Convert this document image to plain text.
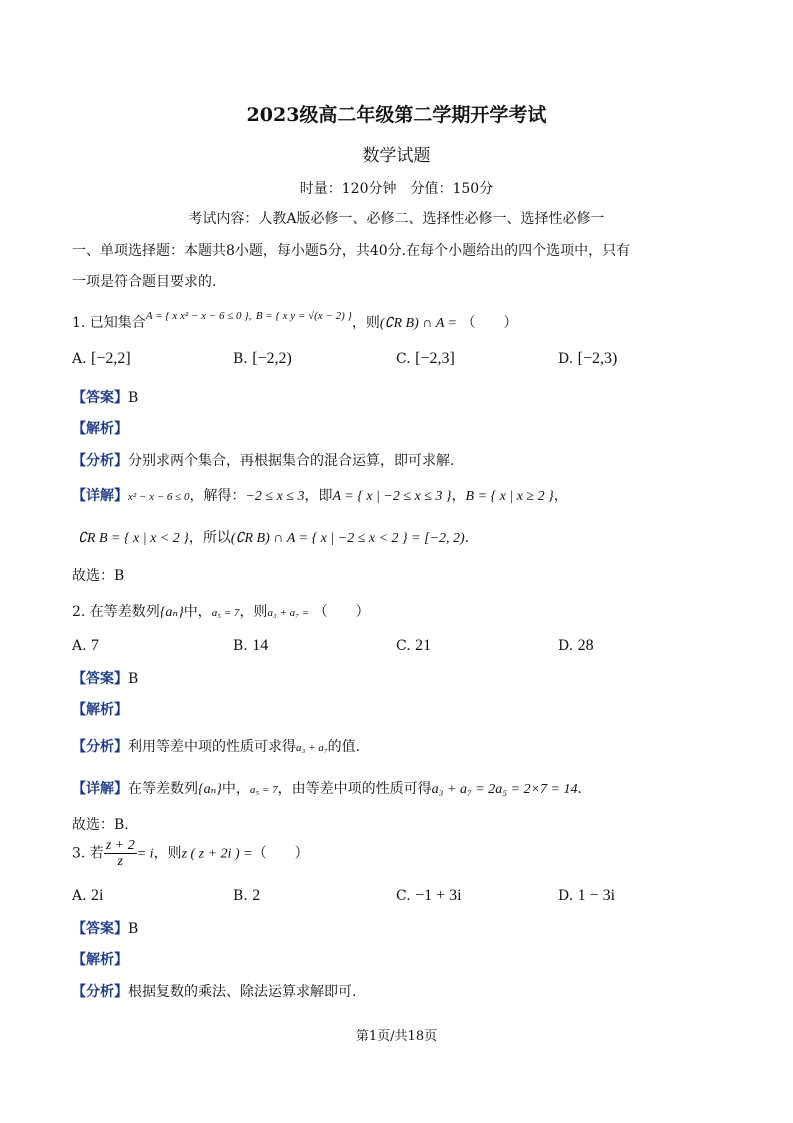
2023级高二年级第二学期开学考试
数学试题
时量：120分钟　分值：150分
考试内容：人教A版必修一、必修二、选择性必修一、选择性必修一
一、单项选择题：本题共8小题，每小题5分，共40分.在每个小题给出的四个选项中，只有
一项是符合题目要求的.
1. 已知集合$^{A = \{ x x^2 - x - 6 \le 0 \},}$ $^{B = \{ x y = √(x - 2) \}}$，则(∁R B) ∩ A = （　　）
A. [−2,2]	B. [−2,2)	C. [−2,3]	D. [−2,3)
【答案】B
【解析】
【分析】分别求两个集合，再根据集合的混合运算，即可求解.
【详解】x² − x − 6 ≤ 0，解得：−2 ≤ x ≤ 3，即A = { x | −2 ≤ x ≤ 3 }，B = { x | x ≥ 2 }，
∁R B = { x | x < 2 }，所以(∁R B) ∩ A = { x | −2 ≤ x < 2 } = [−2, 2).
故选：B
2. 在等差数列{aₙ}中，a₅ = 7，则a₃ + a₇ = （　　）
A. 7	B. 14	C. 21	D. 28
【答案】B
【解析】
【分析】利用等差中项的性质可求得a₃ + a₇的值.
【详解】在等差数列{aₙ}中，a₅ = 7，由等差中项的性质可得a₃ + a₇ = 2a₅ = 2×7 = 14.
故选：B.
3. 若 $\frac{z + 2}{z} = i$，则z ( z + 2i ) =（　　）
A. 2i	B. 2	C. −1 + 3i	D. 1 − 3i
【答案】B
【解析】
【分析】根据复数的乘法、除法运算求解即可.
第1页/共18页
